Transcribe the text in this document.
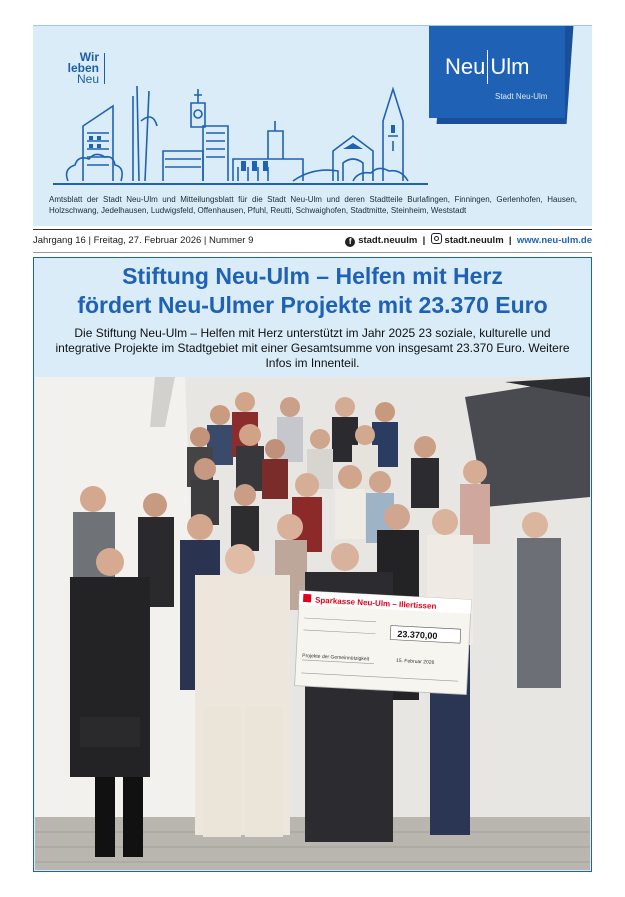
Wir
leben
Neu	Neu Ulm
Stadt Neu-Ulm
Amtsblatt der Stadt Neu-Ulm und Mitteilungsblatt für die Stadt Neu-Ulm und deren Stadtteile Burlafingen, Finningen, Gerlenhofen, Hausen, Holzschwang, Jedelhausen, Ludwigsfeld, Offenhausen, Pfuhl, Reutti, Schwaighofen, Stadtmitte, Steinheim, Weststadt
Jahrgang 16 | Freitag, 27. Februar 2026 | Nummer 9	f stadt.neuulm  |  stadt.neuulm  |  www.neu-ulm.de
Stiftung Neu-Ulm – Helfen mit Herz
fördert Neu-Ulmer Projekte mit 23.370 Euro
Die Stiftung Neu-Ulm – Helfen mit Herz unterstützt im Jahr 2025 23 soziale, kulturelle und integrative Projekte im Stadtgebiet mit einer Gesamtsumme von insgesamt 23.370 Euro. Weitere Infos im Innenteil.
Sparkasse Neu-Ulm – Illertissen
23.370,00
Projekte der Gemeinnützigkeit	15. Februar 2026
